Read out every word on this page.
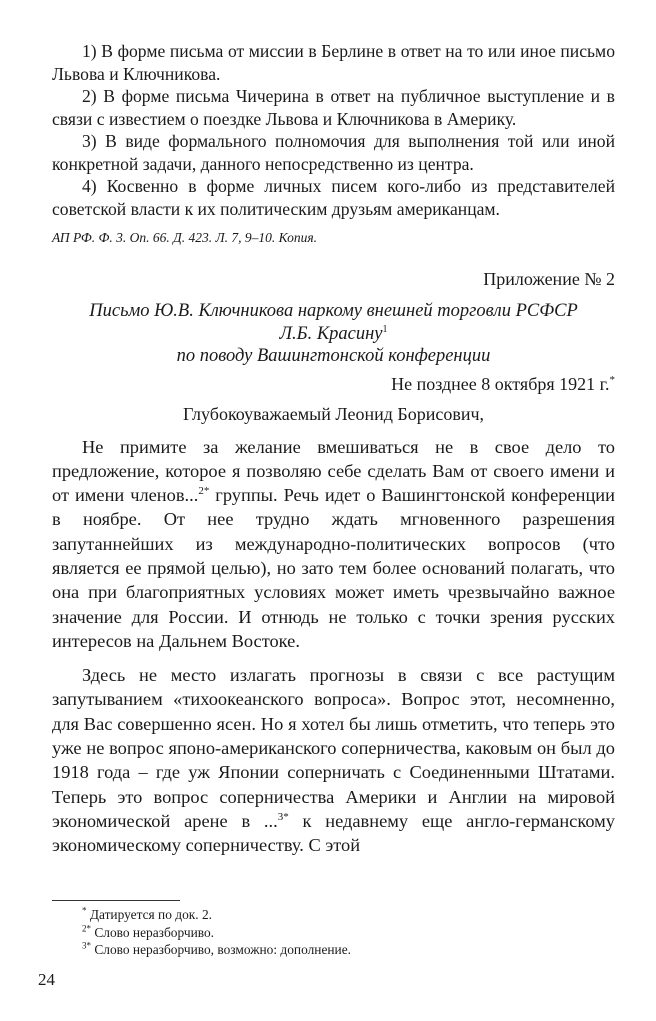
1) В форме письма от миссии в Берлине в ответ на то или иное письмо Львова и Ключникова.

2) В форме письма Чичерина в ответ на публичное выступление и в связи с известием о поездке Львова и Ключникова в Америку.

3) В виде формального полномочия для выполнения той или иной конкретной задачи, данного непосредственно из центра.

4) Косвенно в форме личных писем кого-либо из представителей советской власти к их политическим друзьям американцам.

АП РФ. Ф. 3. Оп. 66. Д. 423. Л. 7, 9–10. Копия.

Приложение № 2

Письмо Ю.В. Ключникова наркому внешней торговли РСФСР
Л.Б. Красину$^1$
по поводу Вашингтонской конференции

Не позднее 8 октября 1921 г.*

Глубокоуважаемый Леонид Борисович,

Не примите за желание вмешиваться не в свое дело то предложение, которое я позволяю себе сделать Вам от своего имени и от имени членов...$^{2*}$ группы. Речь идет о Вашингтонской конференции в ноябре. От нее трудно ждать мгновенного разрешения запутаннейших из международно-политических вопросов (что является ее прямой целью), но зато тем более оснований полагать, что она при благоприятных условиях может иметь чрезвычайно важное значение для России. И отнюдь не только с точки зрения русских интересов на Дальнем Востоке.

Здесь не место излагать прогнозы в связи с все растущим запутыванием «тихоокеанского вопроса». Вопрос этот, несомненно, для Вас совершенно ясен. Но я хотел бы лишь отметить, что теперь это уже не вопрос японо-американского соперничества, каковым он был до 1918 года – где уж Японии соперничать с Соединенными Штатами. Теперь это вопрос соперничества Америки и Англии на мировой экономической арене в ...$^{3*}$ к недавнему еще англо-германскому экономическому соперничеству. С этой

* Датируется по док. 2.

$^{2*}$ Слово неразборчиво.

$^{3*}$ Слово неразборчиво, возможно: дополнение.

24
